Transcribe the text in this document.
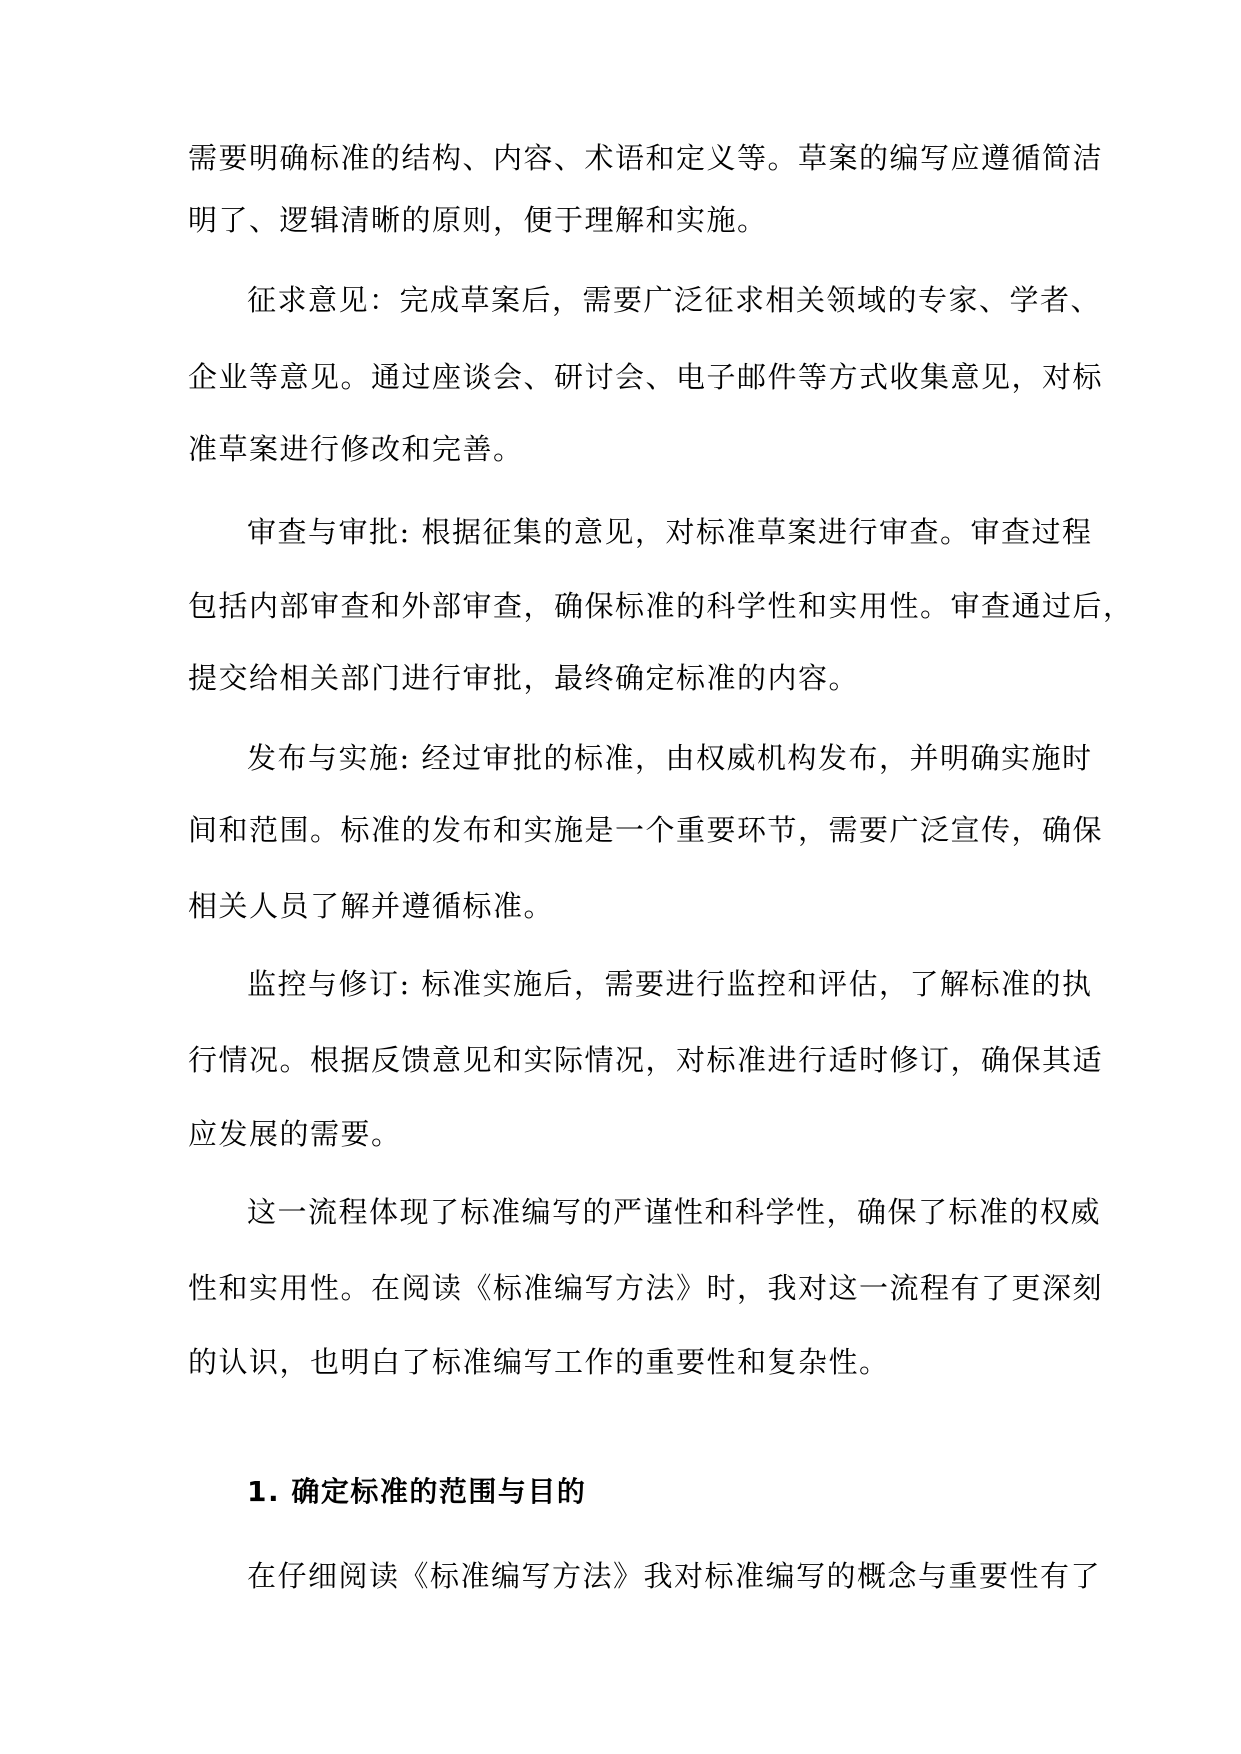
需要明确标准的结构、内容、术语和定义等。草案的编写应遵循简洁

明了、逻辑清晰的原则，便于理解和实施。

征求意见：完成草案后，需要广泛征求相关领域的专家、学者、

企业等意见。通过座谈会、研讨会、电子邮件等方式收集意见，对标

准草案进行修改和完善。

审查与审批: 根据征集的意见，对标准草案进行审查。审查过程

包括内部审查和外部审查，确保标准的科学性和实用性。审查通过后，

提交给相关部门进行审批，最终确定标准的内容。

发布与实施: 经过审批的标准，由权威机构发布，并明确实施时

间和范围。标准的发布和实施是一个重要环节，需要广泛宣传，确保

相关人员了解并遵循标准。

监控与修订: 标准实施后，需要进行监控和评估，了解标准的执

行情况。根据反馈意见和实际情况，对标准进行适时修订，确保其适

应发展的需要。

这一流程体现了标准编写的严谨性和科学性，确保了标准的权威

性和实用性。在阅读《标准编写方法》时，我对这一流程有了更深刻

的认识，也明白了标准编写工作的重要性和复杂性。

1. 确定标准的范围与目的

在仔细阅读《标准编写方法》我对标准编写的概念与重要性有了
